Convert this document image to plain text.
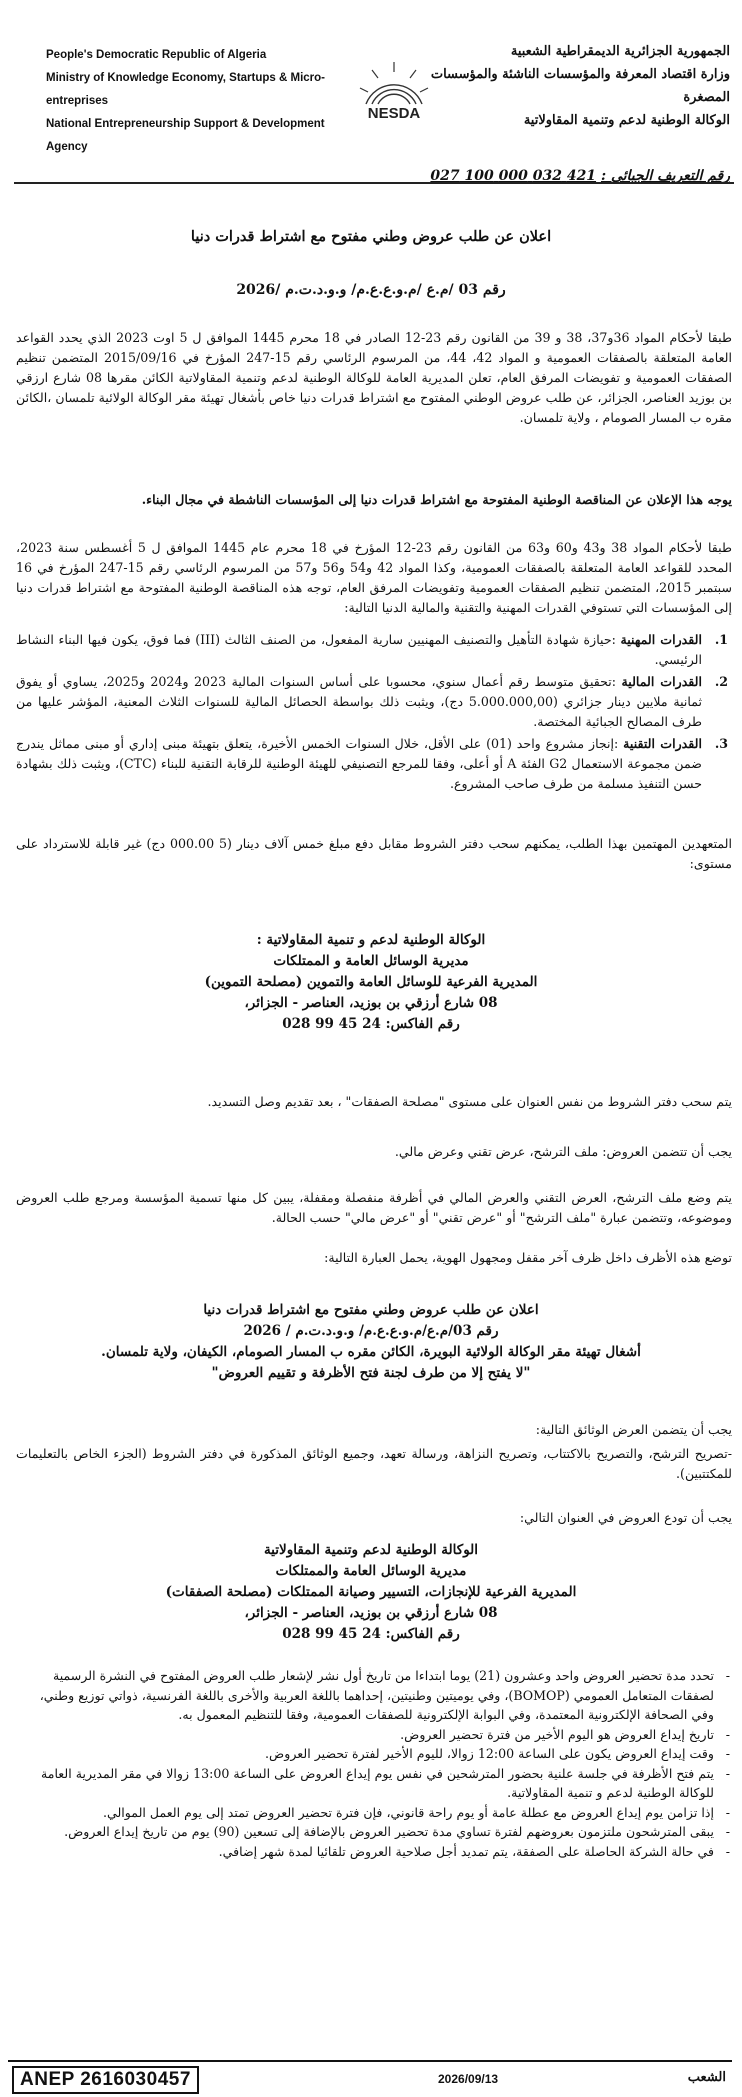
People's Democratic Republic of Algeria
Ministry of Knowledge Economy, Startups & Micro-entreprises
National Entrepreneurship Support & Development Agency
NESDA
الجمهورية الجزائرية الديمقراطية الشعبية
وزارة اقتصاد المعرفة والمؤسسات الناشئة والمؤسسات المصغرة
الوكالة الوطنية لدعم وتنمية المقاولاتية
رقم التعريف الجبائي : 421 032 000 100 027
اعلان عن طلب عروض وطني مفتوح مع اشتراط قدرات دنيا
رقم 03 /م.ع /م.و.ع.ع.م/ و.و.د.ت.م /2026
طبقا لأحكام المواد 36و37، 38 و 39 من القانون رقم 23-12 الصادر في 18 محرم 1445 الموافق ل 5 اوت 2023 الذي يحدد القواعد العامة المتعلقة بالصفقات العمومية و المواد 42، 44، من المرسوم الرئاسي رقم 15-247 المؤرخ في 2015/09/16 المتضمن تنظيم الصفقات العمومية و تفويضات المرفق العام، تعلن المديرية العامة للوكالة الوطنية لدعم وتنمية المقاولاتية الكائن مقرها 08 شارع ارزقي بن بوزيد العناصر، الجزائر، عن طلب عروض الوطني المفتوح مع اشتراط قدرات دنيا خاص بأشغال تهيئة مقر الوكالة الولائية تلمسان ،الكائن مقره ب المسار الصومام ، ولاية تلمسان.
يوجه هذا الإعلان عن المناقصة الوطنية المفتوحة مع اشتراط قدرات دنيا إلى المؤسسات الناشطة في مجال البناء.
طبقا لأحكام المواد 38 و43 و60 و63 من القانون رقم 23-12 المؤرخ في 18 محرم عام 1445 الموافق ل 5 أغسطس سنة 2023، المحدد للقواعد العامة المتعلقة بالصفقات العمومية، وكذا المواد 42 و54 و56 و57 من المرسوم الرئاسي رقم 15-247 المؤرخ في 16 سبتمبر 2015، المتضمن تنظيم الصفقات العمومية وتفويضات المرفق العام، توجه هذه المناقصة الوطنية المفتوحة مع اشتراط قدرات دنيا إلى المؤسسات التي تستوفي القدرات المهنية والتقنية والمالية الدنيا التالية:
1.
القدرات المهنية :حيازة شهادة التأهيل والتصنيف المهنيين سارية المفعول، من الصنف الثالث (III) فما فوق، يكون فيها البناء النشاط الرئيسي.
2.
القدرات المالية :تحقيق متوسط رقم أعمال سنوي، محسوبا على أساس السنوات المالية 2023 و2024 و2025، يساوي أو يفوق ثمانية ملايين دينار جزائري (5.000.000,00 دج)، ويثبت ذلك بواسطة الحصائل المالية للسنوات الثلاث المعنية، المؤشر عليها من طرف المصالح الجبائية المختصة.
3.
القدرات التقنية :إنجاز مشروع واحد (01) على الأقل، خلال السنوات الخمس الأخيرة، يتعلق بتهيئة مبنى إداري أو مبنى مماثل يندرج ضمن مجموعة الاستعمال G2 الفئة A أو أعلى، وفقا للمرجع التصنيفي للهيئة الوطنية للرقابة التقنية للبناء (CTC)، ويثبت ذلك بشهادة حسن التنفيذ مسلمة من طرف صاحب المشروع.
المتعهدين المهتمين بهذا الطلب، يمكنهم سحب دفتر الشروط مقابل دفع مبلغ خمس آلاف دينار (5 000.00 دج) غير قابلة للاسترداد على مستوى:
الوكالة الوطنية لدعم و تنمية المقاولاتية :
مديرية الوسائل العامة و الممتلكات
المديرية الفرعية للوسائل العامة والتموين (مصلحة التموين)
08 شارع أرزقي بن بوزيد، العناصر - الجزائر،
رقم الفاكس: 24 45 99 028
يتم سحب دفتر الشروط من نفس العنوان على مستوى "مصلحة الصفقات" ، بعد تقديم وصل التسديد.
يجب أن تتضمن العروض: ملف الترشح، عرض تقني وعرض مالي.
يتم وضع ملف الترشح، العرض التقني والعرض المالي في أظرفة منفصلة ومقفلة، يبين كل منها تسمية المؤسسة ومرجع طلب العروض وموضوعه، وتتضمن عبارة "ملف الترشح" أو "عرض تقني" أو "عرض مالي" حسب الحالة.
توضع هذه الأظرف داخل ظرف آخر مقفل ومجهول الهوية، يحمل العبارة التالية:
اعلان عن طلب عروض وطني مفتوح مع اشتراط قدرات دنيا
رقم 03/م.ع/م.و.ع.ع.م/ و.و.د.ت.م / 2026
أشغال تهيئة مقر الوكالة الولائية البويرة، الكائن مقره ب المسار الصومام، الكيفان، ولاية تلمسان.
"لا يفتح إلا من طرف لجنة فتح الأظرفة و تقييم العروض"
يجب أن يتضمن العرض الوثائق التالية:
-تصريح الترشح، والتصريح بالاكتتاب، وتصريح النزاهة، ورسالة تعهد، وجميع الوثائق المذكورة في دفتر الشروط (الجزء الخاص بالتعليمات للمكتتبين).
يجب أن تودع العروض في العنوان التالي:
الوكالة الوطنية لدعم وتنمية المقاولاتية
مديرية الوسائل العامة والممتلكات
المديرية الفرعية للإنجازات، التسيير وصيانة الممتلكات (مصلحة الصفقات)
08 شارع أرزقي بن بوزيد، العناصر - الجزائر،
رقم الفاكس: 24 45 99 028
- تحدد مدة تحضير العروض واحد وعشرون (21) يوما ابتداءا من تاريخ أول نشر لإشعار طلب العروض المفتوح في النشرة الرسمية لصفقات المتعامل العمومي (BOMOP)، وفي يوميتين وطنيتين، إحداهما باللغة العربية والأخرى باللغة الفرنسية، ذواتي توزيع وطني، وفي الصحافة الإلكترونية المعتمدة، وفي البوابة الإلكترونية للصفقات العمومية، وفقا للتنظيم المعمول به.
- تاريخ إيداع العروض هو اليوم الأخير من فترة تحضير العروض.
- وقت إيداع العروض يكون على الساعة 12:00 زوالا، لليوم الأخير لفترة تحضير العروض.
- يتم فتح الأظرفة في جلسة علنية بحضور المترشحين في نفس يوم إيداع العروض على الساعة 13:00 زوالا في مقر المديرية العامة للوكالة الوطنية لدعم و تنمية المقاولاتية.
- إذا تزامن يوم إيداع العروض مع عطلة عامة أو يوم راحة قانوني، فإن فترة تحضير العروض تمتد إلى يوم العمل الموالي.
- يبقى المترشحون ملتزمون بعروضهم لفترة تساوي مدة تحضير العروض بالإضافة إلى تسعين (90) يوم من تاريخ إيداع العروض.
- في حالة الشركة الحاصلة على الصفقة، يتم تمديد أجل صلاحية العروض تلقائيا لمدة شهر إضافي.
ANEP 2616030457	2026/09/13	الشعب
